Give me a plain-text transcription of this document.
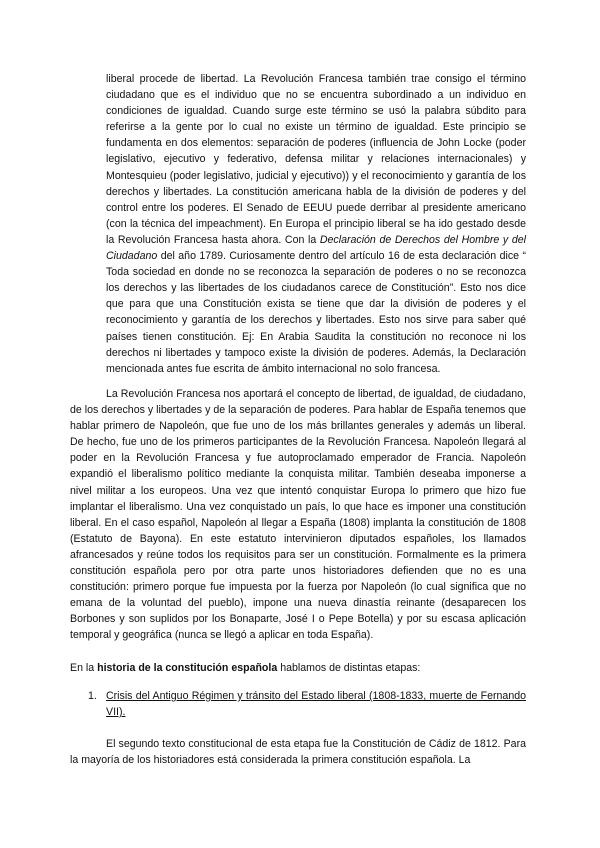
liberal procede de libertad. La Revolución Francesa también trae consigo el término ciudadano que es el individuo que no se encuentra subordinado a un individuo en condiciones de igualdad. Cuando surge este término se usó la palabra súbdito para referirse a la gente por lo cual no existe un término de igualdad. Este principio se fundamenta en dos elementos: separación de poderes (influencia de John Locke (poder legislativo, ejecutivo y federativo, defensa militar y relaciones internacionales) y Montesquieu (poder legislativo, judicial y ejecutivo)) y el reconocimiento y garantía de los derechos y libertades. La constitución americana habla de la división de poderes y del control entre los poderes. El Senado de EEUU puede derribar al presidente americano (con la técnica del impeachment). En Europa el principio liberal se ha ido gestado desde la Revolución Francesa hasta ahora. Con la Declaración de Derechos del Hombre y del Ciudadano del año 1789. Curiosamente dentro del artículo 16 de esta declaración dice “ Toda sociedad en donde no se reconozca la separación de poderes o no se reconozca los derechos y las libertades de los ciudadanos carece de Constitución”. Esto nos dice que para que una Constitución exista se tiene que dar la división de poderes y el reconocimiento y garantía de los derechos y libertades. Esto nos sirve para saber qué países tienen constitución. Ej: En Arabia Saudita la constitución no reconoce ni los derechos ni libertades y tampoco existe la división de poderes. Además, la Declaración mencionada antes fue escrita de ámbito internacional no solo francesa.

La Revolución Francesa nos aportará el concepto de libertad, de igualdad, de ciudadano, de los derechos y libertades y de la separación de poderes. Para hablar de España tenemos que hablar primero de Napoleón, que fue uno de los más brillantes generales y además un liberal. De hecho, fue uno de los primeros participantes de la Revolución Francesa. Napoleón llegará al poder en la Revolución Francesa y fue autoproclamado emperador de Francia. Napoleón expandió el liberalismo político mediante la conquista militar. También deseaba imponerse a nivel militar a los europeos. Una vez que intentó conquistar Europa lo primero que hizo fue implantar el liberalismo. Una vez conquistado un país, lo que hace es imponer una constitución liberal. En el caso español, Napoleón al llegar a España (1808) implanta la constitución de 1808 (Estatuto de Bayona). En este estatuto intervinieron diputados españoles, los llamados afrancesados y reúne todos los requisitos para ser un constitución. Formalmente es la primera constitución española pero por otra parte unos historiadores defienden que no es una constitución: primero porque fue impuesta por la fuerza por Napoleón (lo cual significa que no emana de la voluntad del pueblo), impone una nueva dinastía reinante (desaparecen los Borbones y son suplidos por los Bonaparte, José I o Pepe Botella) y por su escasa aplicación temporal y geográfica (nunca se llegó a aplicar en toda España).

En la historia de la constitución española hablamos de distintas etapas:

1. Crisis del Antiguo Régimen y tránsito del Estado liberal (1808-1833, muerte de Fernando VII).

El segundo texto constitucional de esta etapa fue la Constitución de Cádiz de 1812. Para la mayoría de los historiadores está considerada la primera constitución española. La
